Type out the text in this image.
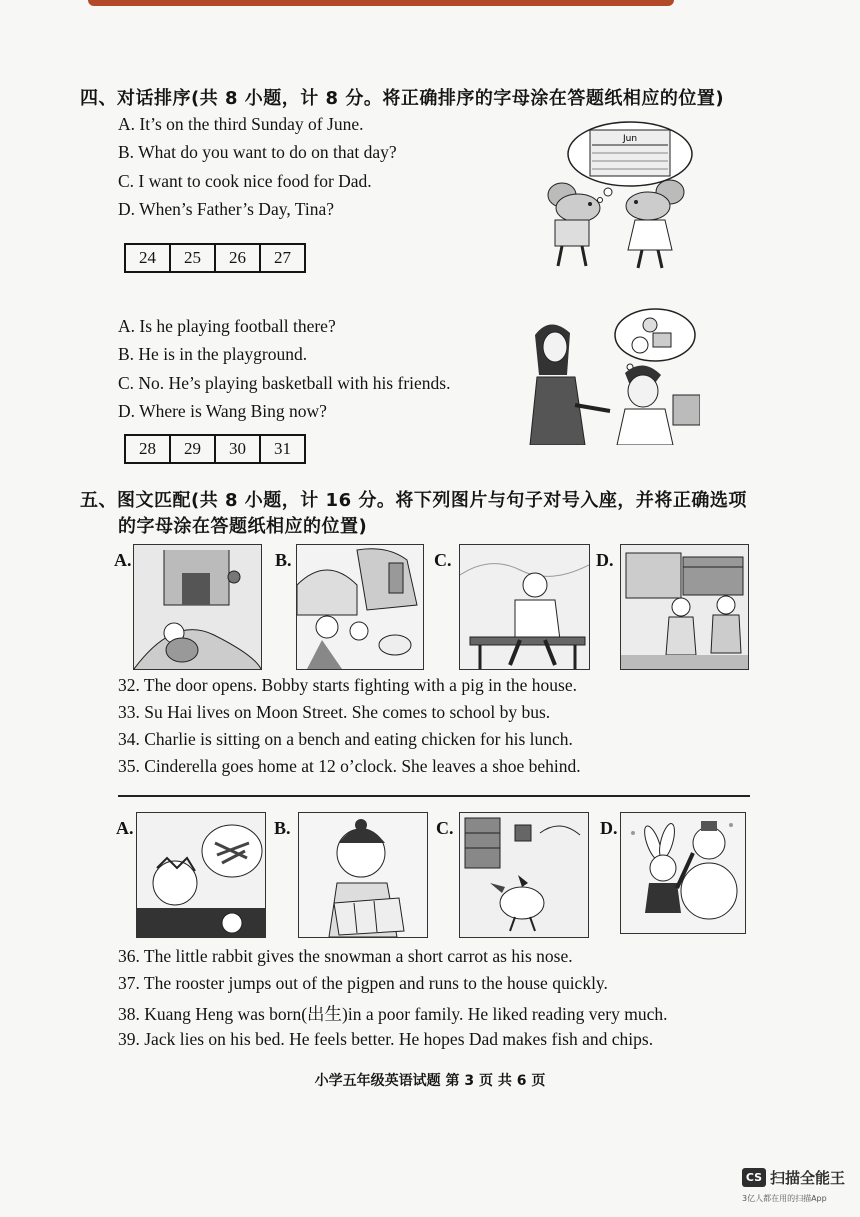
四、对话排序(共 8 小题，计 8 分。将正确排序的字母涂在答题纸相应的位置)
A. It’s on the third Sunday of June.
B. What do you want to do on that day?
C. I want to cook nice food for Dad.
D. When’s Father’s Day, Tina?
24	25	26	27
Jun
A. Is he playing football there?
B. He is in the playground.
C. No. He’s playing basketball with his friends.
D. Where is Wang Bing now?
28	29	30	31
五、图文匹配(共 8 小题，计 16 分。将下列图片与句子对号入座，并将正确选项
的字母涂在答题纸相应的位置)
A.	B.	C.	D.
32. The door opens. Bobby starts fighting with a pig in the house.
33. Su Hai lives on Moon Street. She comes to school by bus.
34. Charlie is sitting on a bench and eating chicken for his lunch.
35. Cinderella goes home at 12 o’clock. She leaves a shoe behind.
A.	B.	C.	D.
36. The little rabbit gives the snowman a short carrot as his nose.
37. The rooster jumps out of the pigpen and runs to the house quickly.
38. Kuang Heng was born(出生)in a poor family. He liked reading very much.
39. Jack lies on his bed. He feels better. He hopes Dad makes fish and chips.
小学五年级英语试题 第 3 页 共 6 页
CS 扫描全能王
3亿人都在用的扫描App
